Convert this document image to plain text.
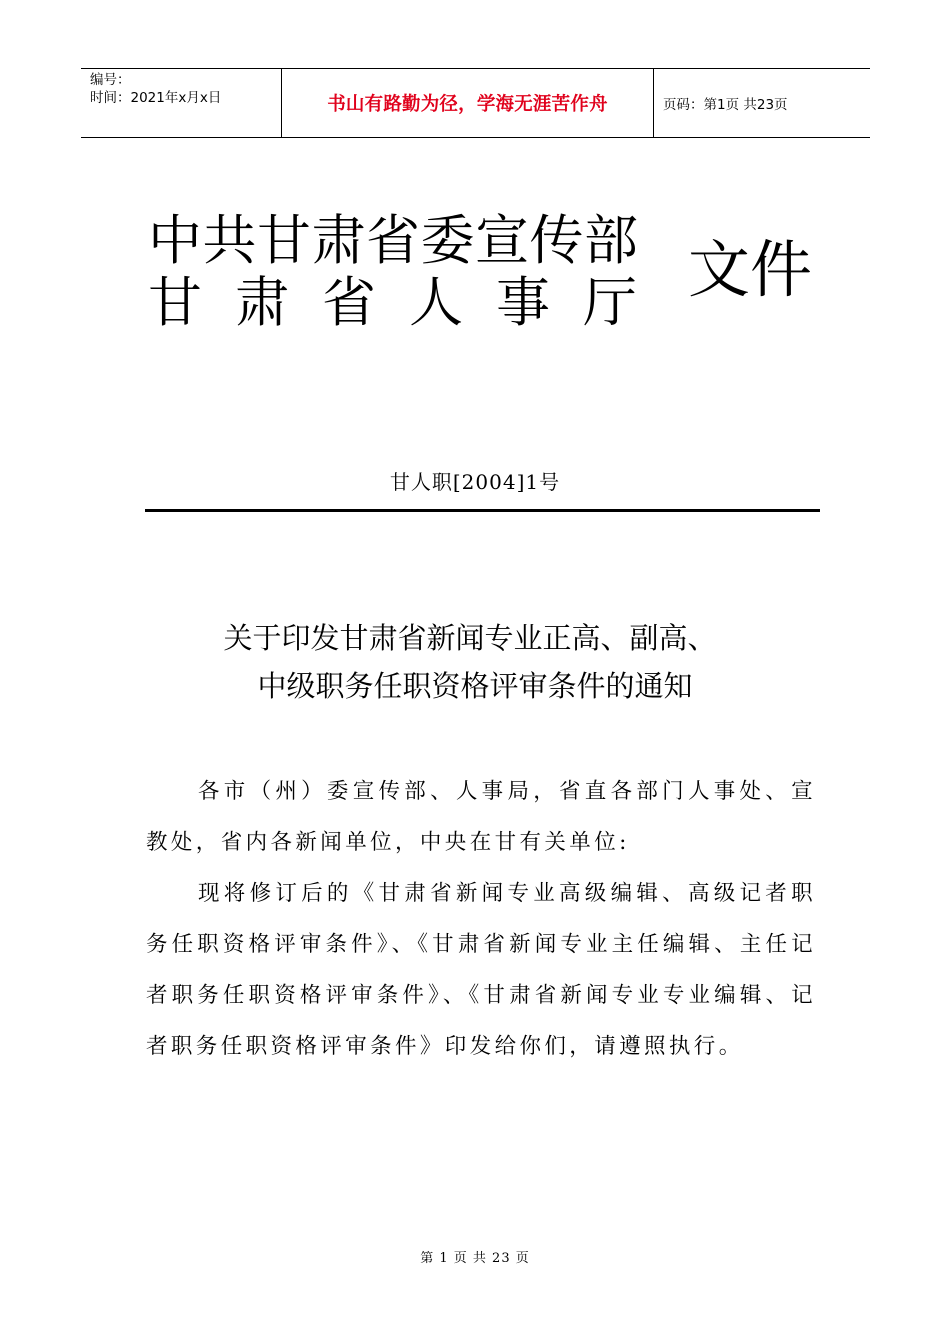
编号：
时间：2021年x月x日	书山有路勤为径，学海无涯苦作舟	页码：第1页 共23页
中共甘肃省委宣传部
甘肃省人事厅 文件
甘人职[2004]1号
关于印发甘肃省新闻专业正高、副高、
中级职务任职资格评审条件的通知

各市（州）委宣传部、人事局，省直各部门人事处、宣教处，省内各新闻单位，中央在甘有关单位:

现将修订后的《甘肃省新闻专业高级编辑、高级记者职务任职资格评审条件》、《甘肃省新闻专业主任编辑、主任记者职务任职资格评审条件》、《甘肃省新闻专业专业编辑、记者职务任职资格评审条件》印发给你们，请遵照执行。

第 1 页 共 23 页
